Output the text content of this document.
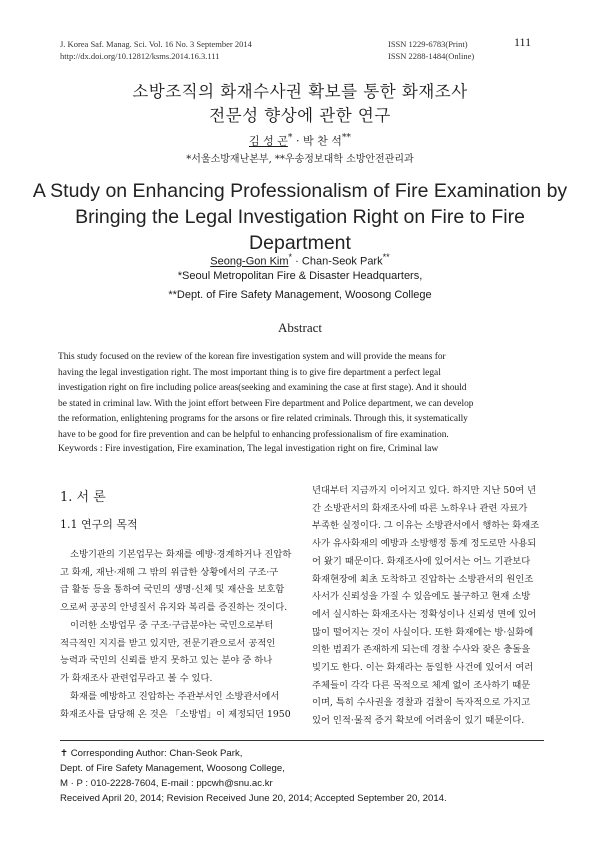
J. Korea Saf. Manag. Sci. Vol. 16 No. 3 September 2014
http://dx.doi.org/10.12812/ksms.2014.16.3.111
ISSN 1229-6783(Print)
ISSN 2288-1484(Online)
111
소방조직의 화재수사권 확보를 통한 화재조사
전문성 향상에 관한 연구
김 성 곤* · 박 찬 석**
*서울소방재난본부, **우송정보대학 소방안전관리과
A Study on Enhancing Professionalism of Fire Examination by
Bringing the Legal Investigation Right on Fire to Fire
Department
Seong-Gon Kim* · Chan-Seok Park**
*Seoul Metropolitan Fire & Disaster Headquarters,
**Dept. of Fire Safety Management, Woosong College
Abstract
This study focused on the review of the korean fire investigation system and will provide the means for
having the legal investigation right. The most important thing is to give fire department a perfect legal
investigation right on fire including police areas(seeking and examining the case at first stage). And it should
be stated in criminal law. With the joint effort between Fire department and Police department, we can develop
the reformation, enlightening programs for the arsons or fire related criminals. Through this, it systematically
have to be good for fire prevention and can be helpful to enhancing professionalism of fire examination.
Keywords : Fire investigation, Fire examination, The legal investigation right on fire, Criminal law
1. 서 론
1.1 연구의 목적
소방기관의 기본업무는 화재를 예방·경계하거나 진압하
고 화재, 재난·재해 그 밖의 위급한 상황에서의 구조·구
급 활동 등을 통하여 국민의 생명·신체 및 재산을 보호함
으로써 공공의 안녕질서 유지와 복리를 증진하는 것이다.
이러한 소방업무 중 구조·구급분야는 국민으로부터
적극적인 지지를 받고 있지만, 전문기관으로서 공적인
능력과 국민의 신뢰를 받지 못하고 있는 분야 중 하나
가 화재조사 관련업무라고 볼 수 있다.
화재를 예방하고 진압하는 주관부서인 소방관서에서
화재조사를 담당해 온 것은 「소방법」이 제정되던 1950
년대부터 지금까지 이어지고 있다. 하지만 지난 50여 년
간 소방관서의 화재조사에 따른 노하우나 관련 자료가
부족한 실정이다. 그 이유는 소방관서에서 행하는 화재조
사가 유사화재의 예방과 소방행정 통계 정도로만 사용되
어 왔기 때문이다. 화재조사에 있어서는 어느 기관보다
화재현장에 최초 도착하고 진압하는 소방관서의 원인조
사서가 신뢰성을 가질 수 있음에도 불구하고 현재 소방
에서 실시하는 화재조사는 정확성이나 신뢰성 면에 있어
많이 떨어지는 것이 사실이다. 또한 화재에는 방·실화에
의한 범죄가 존재하게 되는데 경찰 수사와 잦은 충돌을
빚기도 한다. 이는 화재라는 동일한 사건에 있어서 여러
주체들이 각각 다른 목적으로 체계 없이 조사하기 때문
이며, 특히 수사권을 경찰과 검찰이 독자적으로 가지고
있어 인적·물적 증거 확보에 어려움이 있기 때문이다.
✝ Corresponding Author: Chan-Seok Park,
Dept. of Fire Safety Management, Woosong College,
M · P : 010-2228-7604, E-mail : ppcwh@snu.ac.kr
Received April 20, 2014; Revision Received June 20, 2014; Accepted September 20, 2014.
